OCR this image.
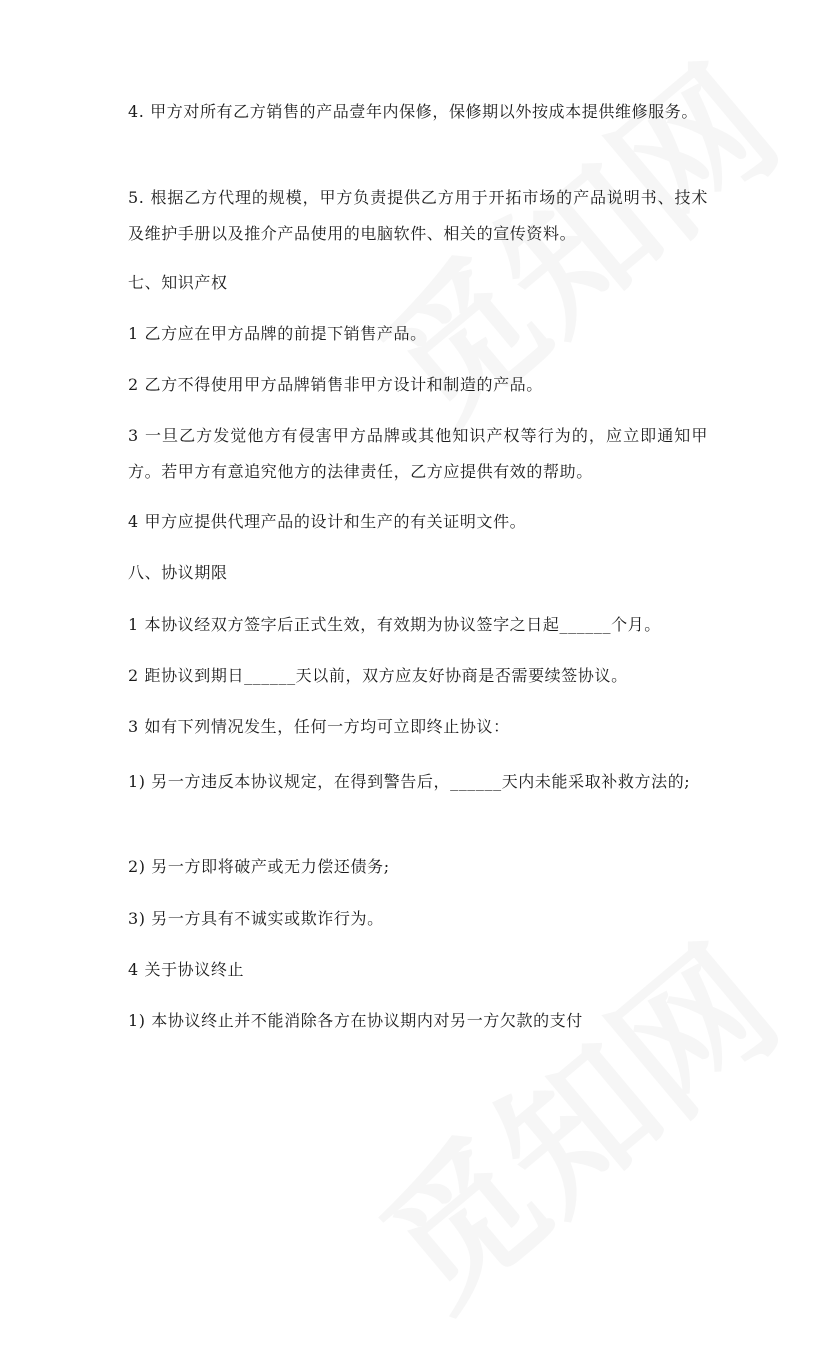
4. 甲方对所有乙方销售的产品壹年内保修，保修期以外按成本提供维修服务。

5. 根据乙方代理的规模，甲方负责提供乙方用于开拓市场的产品说明书、技术及维护手册以及推介产品使用的电脑软件、相关的宣传资料。

七、知识产权

1 乙方应在甲方品牌的前提下销售产品。

2 乙方不得使用甲方品牌销售非甲方设计和制造的产品。

3 一旦乙方发觉他方有侵害甲方品牌或其他知识产权等行为的，应立即通知甲方。若甲方有意追究他方的法律责任，乙方应提供有效的帮助。

4 甲方应提供代理产品的设计和生产的有关证明文件。

八、协议期限

1 本协议经双方签字后正式生效，有效期为协议签字之日起______个月。

2 距协议到期日______天以前，双方应友好协商是否需要续签协议。

3 如有下列情况发生，任何一方均可立即终止协议：

1) 另一方违反本协议规定，在得到警告后，______天内未能采取补救方法的;

2) 另一方即将破产或无力偿还债务;

3) 另一方具有不诚实或欺诈行为。

4 关于协议终止

1) 本协议终止并不能消除各方在协议期内对另一方欠款的支付
